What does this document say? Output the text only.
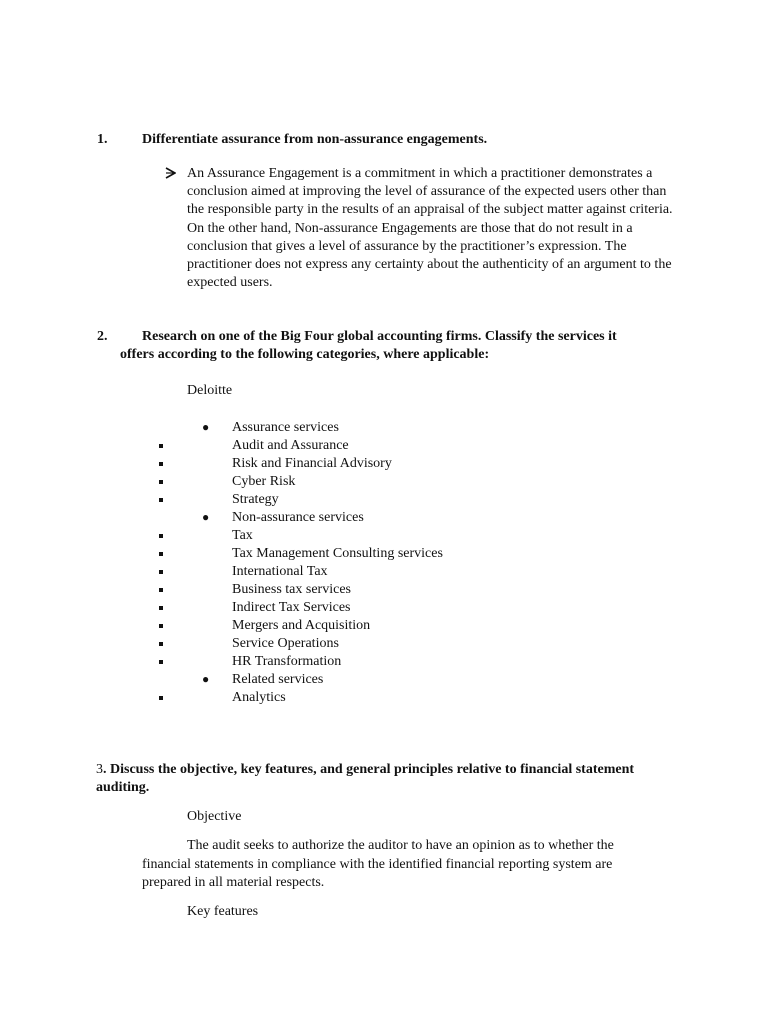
1. Differentiate assurance from non-assurance engagements.
An Assurance Engagement is a commitment in which a practitioner demonstrates a conclusion aimed at improving the level of assurance of the expected users other than the responsible party in the results of an appraisal of the subject matter against criteria. On the other hand, Non-assurance Engagements are those that do not result in a conclusion that gives a level of assurance by the practitioner’s expression. The practitioner does not express any certainty about the authenticity of an argument to the expected users.
2. Research on one of the Big Four global accounting firms. Classify the services it
offers according to the following categories, where applicable:
Deloitte
● Assurance services
Audit and Assurance
Risk and Financial Advisory
Cyber Risk
Strategy
● Non-assurance services
Tax
Tax Management Consulting services
International Tax
Business tax services
Indirect Tax Services
Mergers and Acquisition
Service Operations
HR Transformation
● Related services
Analytics
3. Discuss the objective, key features, and general principles relative to financial statement
auditing.
Objective
The audit seeks to authorize the auditor to have an opinion as to whether the financial statements in compliance with the identified financial reporting system are prepared in all material respects.
Key features
